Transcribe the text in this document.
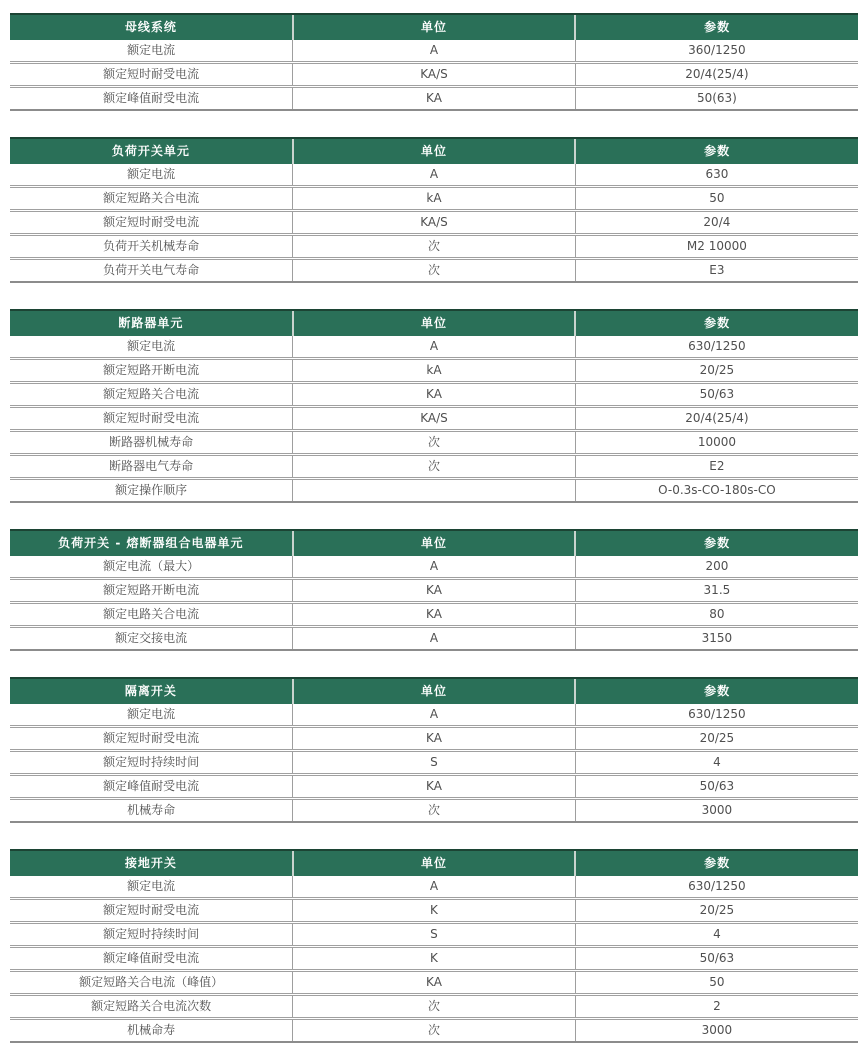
母线系统	单位	参数
额定电流	A	360/1250
额定短时耐受电流	KA/S	20/4(25/4)
额定峰值耐受电流	KA	50(63)
负荷开关单元	单位	参数
额定电流	A	630
额定短路关合电流	kA	50
额定短时耐受电流	KA/S	20/4
负荷开关机械寿命	次	M2 10000
负荷开关电气寿命	次	E3
断路器单元	单位	参数
额定电流	A	630/1250
额定短路开断电流	kA	20/25
额定短路关合电流	KA	50/63
额定短时耐受电流	KA/S	20/4(25/4)
断路器机械寿命	次	10000
断路器电气寿命	次	E2
额定操作顺序		O-0.3s-CO-180s-CO
负荷开关 - 熔断器组合电器单元	单位	参数
额定电流（最大）	A	200
额定短路开断电流	KA	31.5
额定电路关合电流	KA	80
额定交接电流	A	3150
隔离开关	单位	参数
额定电流	A	630/1250
额定短时耐受电流	KA	20/25
额定短时持续时间	S	4
额定峰值耐受电流	KA	50/63
机械寿命	次	3000
接地开关	单位	参数
额定电流	A	630/1250
额定短时耐受电流	K	20/25
额定短时持续时间	S	4
额定峰值耐受电流	K	50/63
额定短路关合电流（峰值）	KA	50
额定短路关合电流次数	次	2
机械命寿	次	3000
